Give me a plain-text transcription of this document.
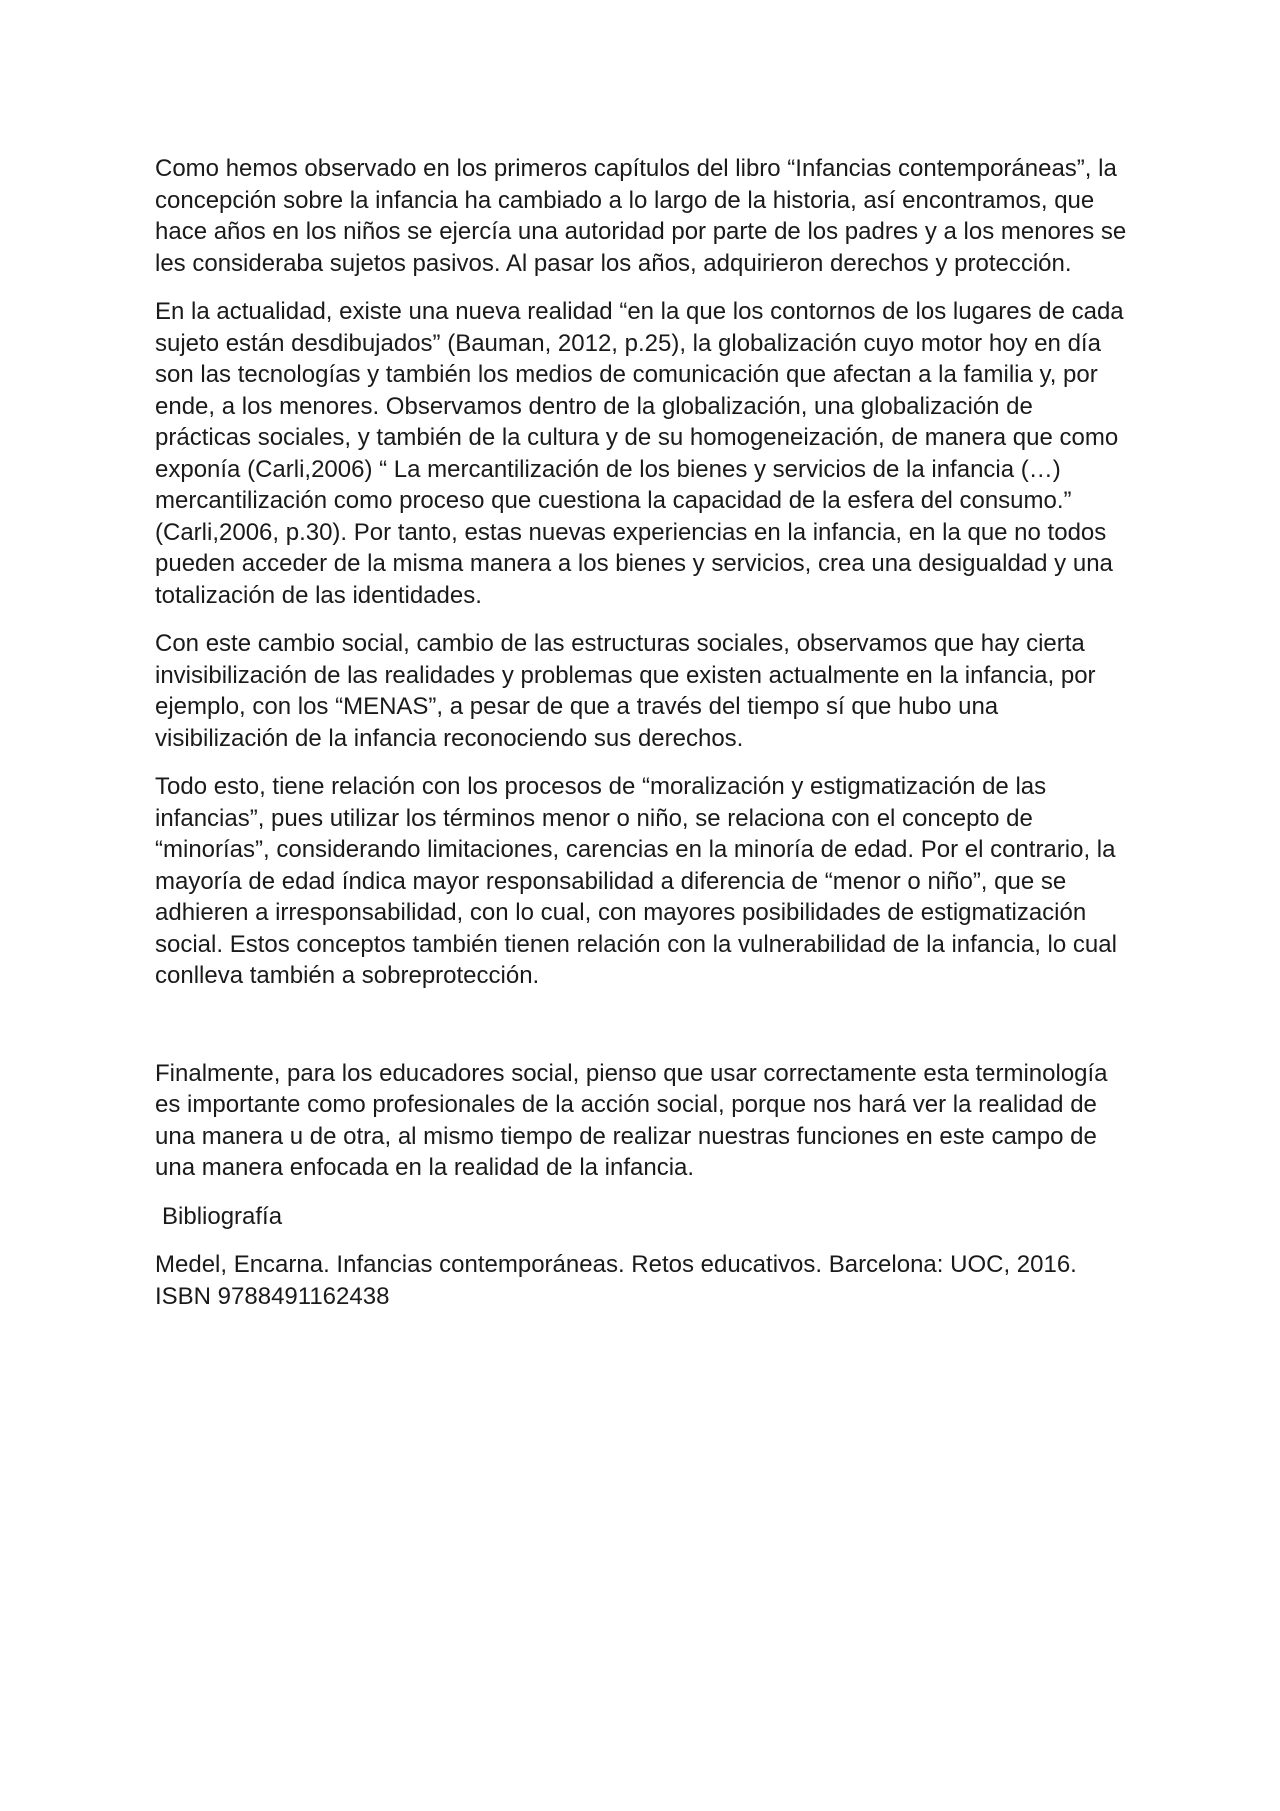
Como hemos observado en los primeros capítulos del libro “Infancias contemporáneas”, la concepción sobre la infancia ha cambiado a lo largo de la historia, así encontramos, que hace años en los niños se ejercía una autoridad por parte de los padres y a los menores se les consideraba sujetos pasivos. Al pasar los años, adquirieron derechos y protección.

En la actualidad, existe una nueva realidad “en la que los contornos de los lugares de cada sujeto están desdibujados” (Bauman, 2012, p.25), la globalización cuyo motor hoy en día son las tecnologías y también los medios de comunicación que afectan a la familia y, por ende, a los menores. Observamos dentro de la globalización, una globalización de prácticas sociales, y también de la cultura y de su homogeneización, de manera que como exponía (Carli,2006) “ La mercantilización de los bienes y servicios de la infancia (…) mercantilización como proceso que cuestiona la capacidad de la esfera del consumo.” (Carli,2006, p.30). Por tanto, estas nuevas experiencias en la infancia, en la que no todos pueden acceder de la misma manera a los bienes y servicios, crea una desigualdad y una totalización de las identidades.

Con este cambio social, cambio de las estructuras sociales, observamos que hay cierta invisibilización de las realidades y problemas que existen actualmente en la infancia, por ejemplo, con los “MENAS”, a pesar de que a través del tiempo sí que hubo una visibilización de la infancia reconociendo sus derechos.

Todo esto, tiene relación con los procesos de “moralización y estigmatización de las infancias”, pues utilizar los términos menor o niño, se relaciona con el concepto de “minorías”, considerando limitaciones, carencias en la minoría de edad. Por el contrario, la mayoría de edad índica mayor responsabilidad a diferencia de “menor o niño”, que se adhieren a irresponsabilidad, con lo cual, con mayores posibilidades de estigmatización social. Estos conceptos también tienen relación con la vulnerabilidad de la infancia, lo cual conlleva también a sobreprotección.

Finalmente, para los educadores social, pienso que usar correctamente esta terminología es importante como profesionales de la acción social, porque nos hará ver la realidad de una manera u de otra, al mismo tiempo de realizar nuestras funciones en este campo de una manera enfocada en la realidad de la infancia.

Bibliografía

Medel, Encarna. Infancias contemporáneas. Retos educativos. Barcelona: UOC, 2016. ISBN 9788491162438
